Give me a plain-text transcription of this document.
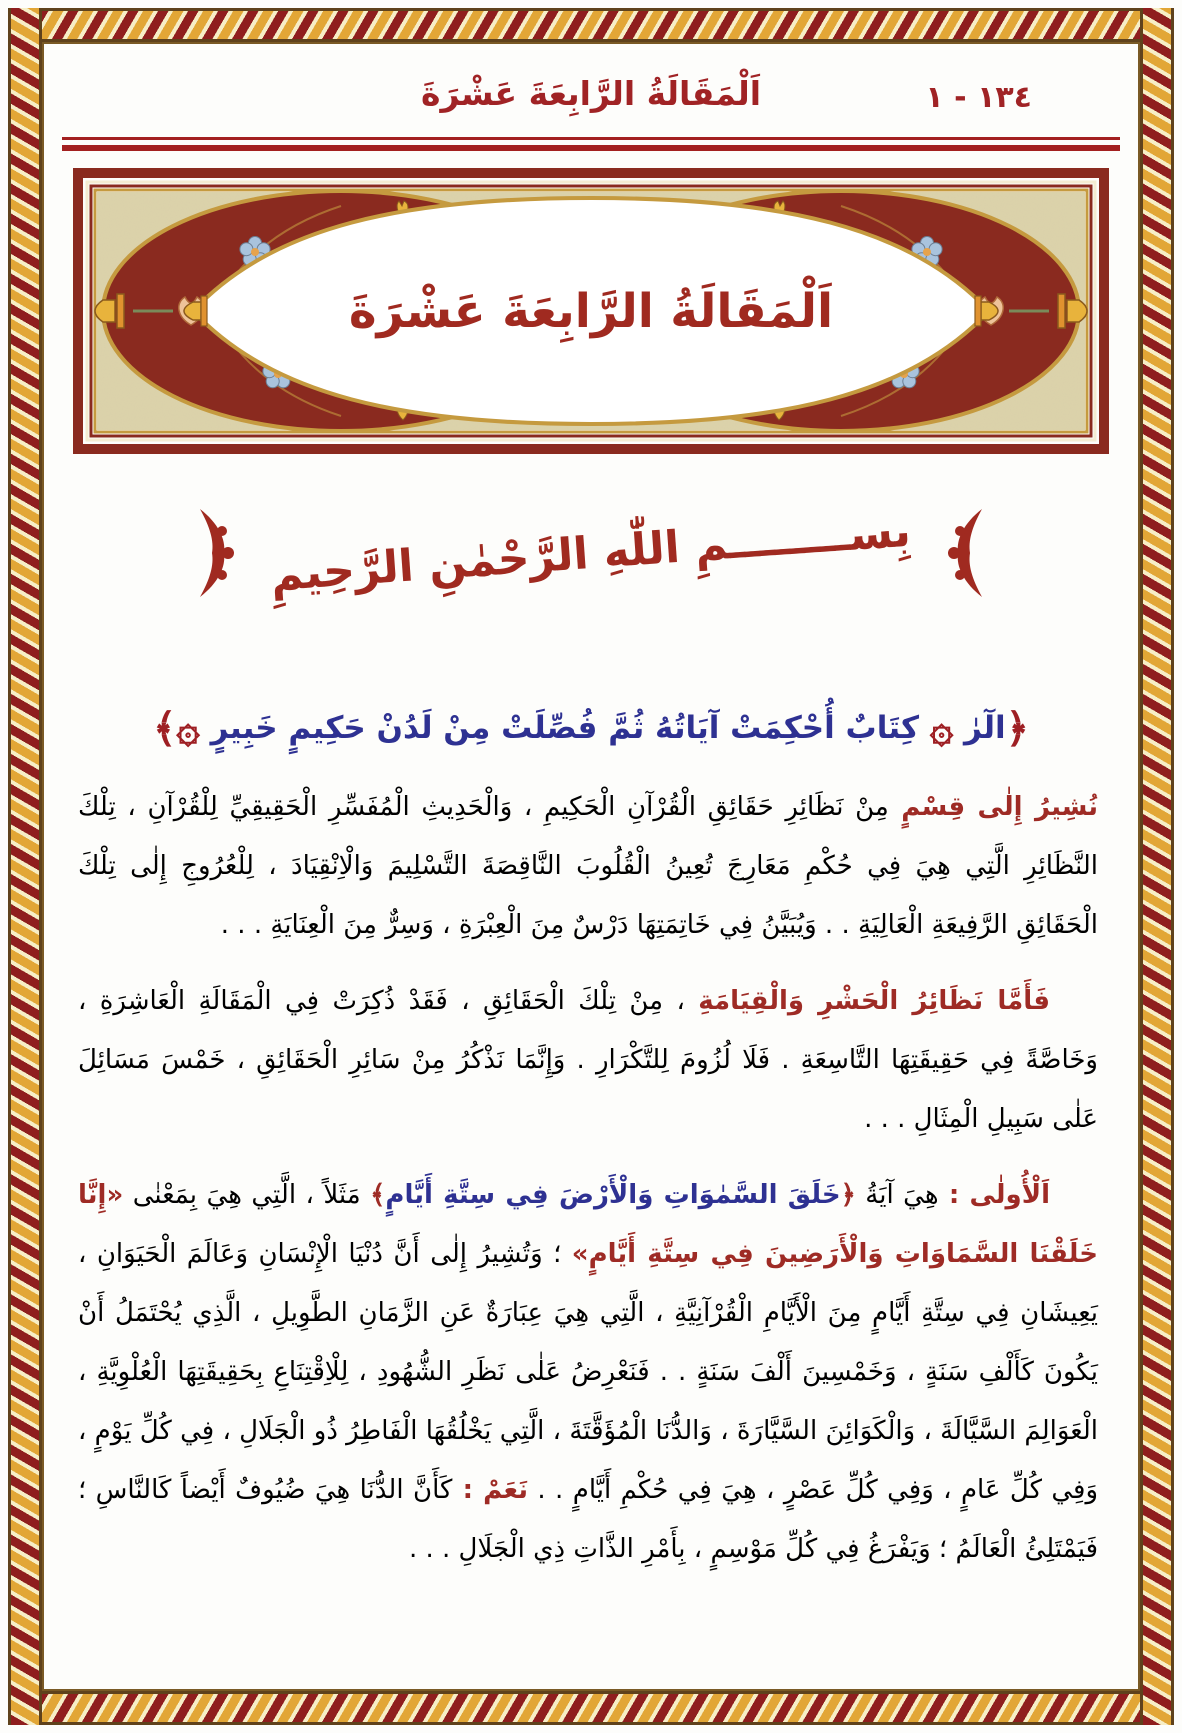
١٣٤ - ١
اَلْمَقَالَةُ الرَّابِعَةَ عَشْرَةَ
اَلْمَقَالَةُ الرَّابِعَةَ عَشْرَةَ
بِســــــــمِ اللّٰهِ الرَّحْمٰنِ الرَّحِيمِ
﴿الٓرٰ ۞ كِتَابٌ أُحْكِمَتْ آيَاتُهُ ثُمَّ فُصِّلَتْ مِنْ لَدُنْ حَكِيمٍ خَبِيرٍ ۞﴾

نُشِيرُ إِلٰى قِسْمٍ مِنْ نَظَائِرِ حَقَائِقِ الْقُرْآنِ الْحَكِيمِ ، وَالْحَدِيثِ الْمُفَسِّرِ الْحَقِيقِيِّ لِلْقُرْآنِ ، تِلْكَ النَّظَائِرِ الَّتِي هِيَ فِي حُكْمِ مَعَارِجَ تُعِينُ الْقُلُوبَ النَّاقِصَةَ التَّسْلِيمَ وَالْاِنْقِيَادَ ، لِلْعُرُوجِ إِلٰى تِلْكَ الْحَقَائِقِ الرَّفِيعَةِ الْعَالِيَةِ . . وَيُبَيَّنُ فِي خَاتِمَتِهَا دَرْسٌ مِنَ الْعِبْرَةِ ، وَسِرٌّ مِنَ الْعِنَايَةِ . . .

فَأَمَّا نَظَائِرُ الْحَشْرِ وَالْقِيَامَةِ ، مِنْ تِلْكَ الْحَقَائِقِ ، فَقَدْ ذُكِرَتْ فِي الْمَقَالَةِ الْعَاشِرَةِ ، وَخَاصَّةً فِي حَقِيقَتِهَا التَّاسِعَةِ . فَلَا لُزُومَ لِلتَّكْرَارِ . وَإِنَّمَا نَذْكُرُ مِنْ سَائِرِ الْحَقَائِقِ ، خَمْسَ مَسَائِلَ عَلٰى سَبِيلِ الْمِثَالِ . . .

اَلْأُولٰى : هِيَ آيَةُ ﴿خَلَقَ السَّمٰوَاتِ وَالْأَرْضَ فِي سِتَّةِ أَيَّامٍ﴾ مَثَلاً ، الَّتِي هِيَ بِمَعْنٰى «إِنَّا خَلَقْنَا السَّمَاوَاتِ وَالْأَرَضِينَ فِي سِتَّةِ أَيَّامٍ» ؛ وَتُشِيرُ إِلٰى أَنَّ دُنْيَا الْإِنْسَانِ وَعَالَمَ الْحَيَوَانِ ، يَعِيشَانِ فِي سِتَّةِ أَيَّامٍ مِنَ الْأَيَّامِ الْقُرْآنِيَّةِ ، الَّتِي هِيَ عِبَارَةٌ عَنِ الزَّمَانِ الطَّوِيلِ ، الَّذِي يُحْتَمَلُ أَنْ يَكُونَ كَأَلْفِ سَنَةٍ ، وَخَمْسِينَ أَلْفَ سَنَةٍ . . فَنَعْرِضُ عَلٰى نَظَرِ الشُّهُودِ ، لِلْاِقْتِنَاعِ بِحَقِيقَتِهَا الْعُلْوِيَّةِ ، الْعَوَالِمَ السَّيَّالَةَ ، وَالْكَوَائِنَ السَّيَّارَةَ ، وَالدُّنَا الْمُؤَقَّتَةَ ، الَّتِي يَخْلُقُهَا الْفَاطِرُ ذُو الْجَلَالِ ، فِي كُلِّ يَوْمٍ ، وَفِي كُلِّ عَامٍ ، وَفِي كُلِّ عَصْرٍ ، هِيَ فِي حُكْمِ أَيَّامٍ . . نَعَمْ : كَأَنَّ الدُّنَا هِيَ ضُيُوفٌ أَيْضاً كَالنَّاسِ ؛ فَيَمْتَلِئُ الْعَالَمُ ؛ وَيَفْرَغُ فِي كُلِّ مَوْسِمٍ ، بِأَمْرِ الذَّاتِ ذِي الْجَلَالِ . . .
